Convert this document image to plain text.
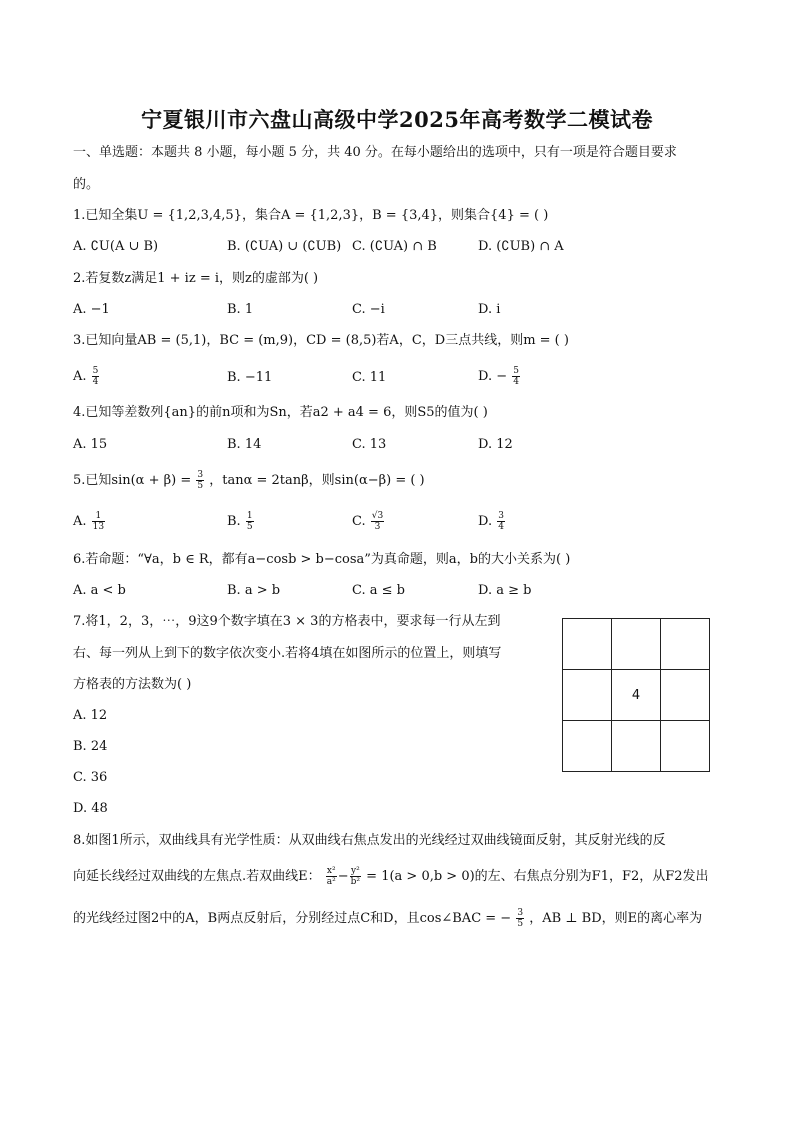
宁夏银川市六盘山高级中学2025年高考数学二模试卷
一、单选题：本题共 8 小题，每小题 5 分，共 40 分。在每小题给出的选项中，只有一项是符合题目要求
的。
1.已知全集U = {1,2,3,4,5}，集合A = {1,2,3}，B = {3,4}，则集合{4} = ( )
A. ∁U(A ∪ B)	B. (∁UA) ∪ (∁UB) C. (∁UA) ∩ B	D. (∁UB) ∩ A
2.若复数z满足1 + iz = i，则z的虚部为( )
A. −1	B. 1	C. −i	D. i
3.已知向量AB = (5,1)，BC = (m,9)，CD = (8,5)若A，C，D三点共线，则m = ( )
A. $\frac{5}{4}$	B. −11	C. 11	D. − $\frac{5}{4}$
4.已知等差数列{an}的前n项和为Sn，若a2 + a4 = 6，则S5的值为( )
A. 15	B. 14	C. 13	D. 12
5.已知$\sin(\alpha + \beta) = \frac{3}{5}$ ，tanα = 2tanβ，则sin(α−β) = ( )
A. $\frac{1}{13}$	B. $\frac{1}{5}$	C. $\frac{√3}{3}$	D. $\frac{3}{4}$
6.若命题：“∀a，b ∈ R，都有a−cosb > b−cosa”为真命题，则a，b的大小关系为( )
A. a < b	B. a > b	C. a ≤ b	D. a ≥ b
7.将1，2，3，⋯，9这9个数字填在3 × 3的方格表中，要求每一行从左到
右、每一列从上到下的数字依次变小.若将4填在如图所示的位置上，则填写
方格表的方法数为( )
A. 12
B. 24
C. 36
D. 48

	4	

8.如图1所示，双曲线具有光学性质：从双曲线右焦点发出的光线经过双曲线镜面反射，其反射光线的反
向延长线经过双曲线的左焦点.若双曲线E： $\frac{\text{x²}}{\text{a²}} - \frac{\text{y²}}{\text{b²}} = 1(a > 0,b > 0)$的左、右焦点分别为F1，F2，从F2发出
的光线经过图2中的A，B两点反射后，分别经过点C和D，且cos∠BAC = − $\frac{3}{5}$ ，AB ⊥ BD，则E的离心率为
